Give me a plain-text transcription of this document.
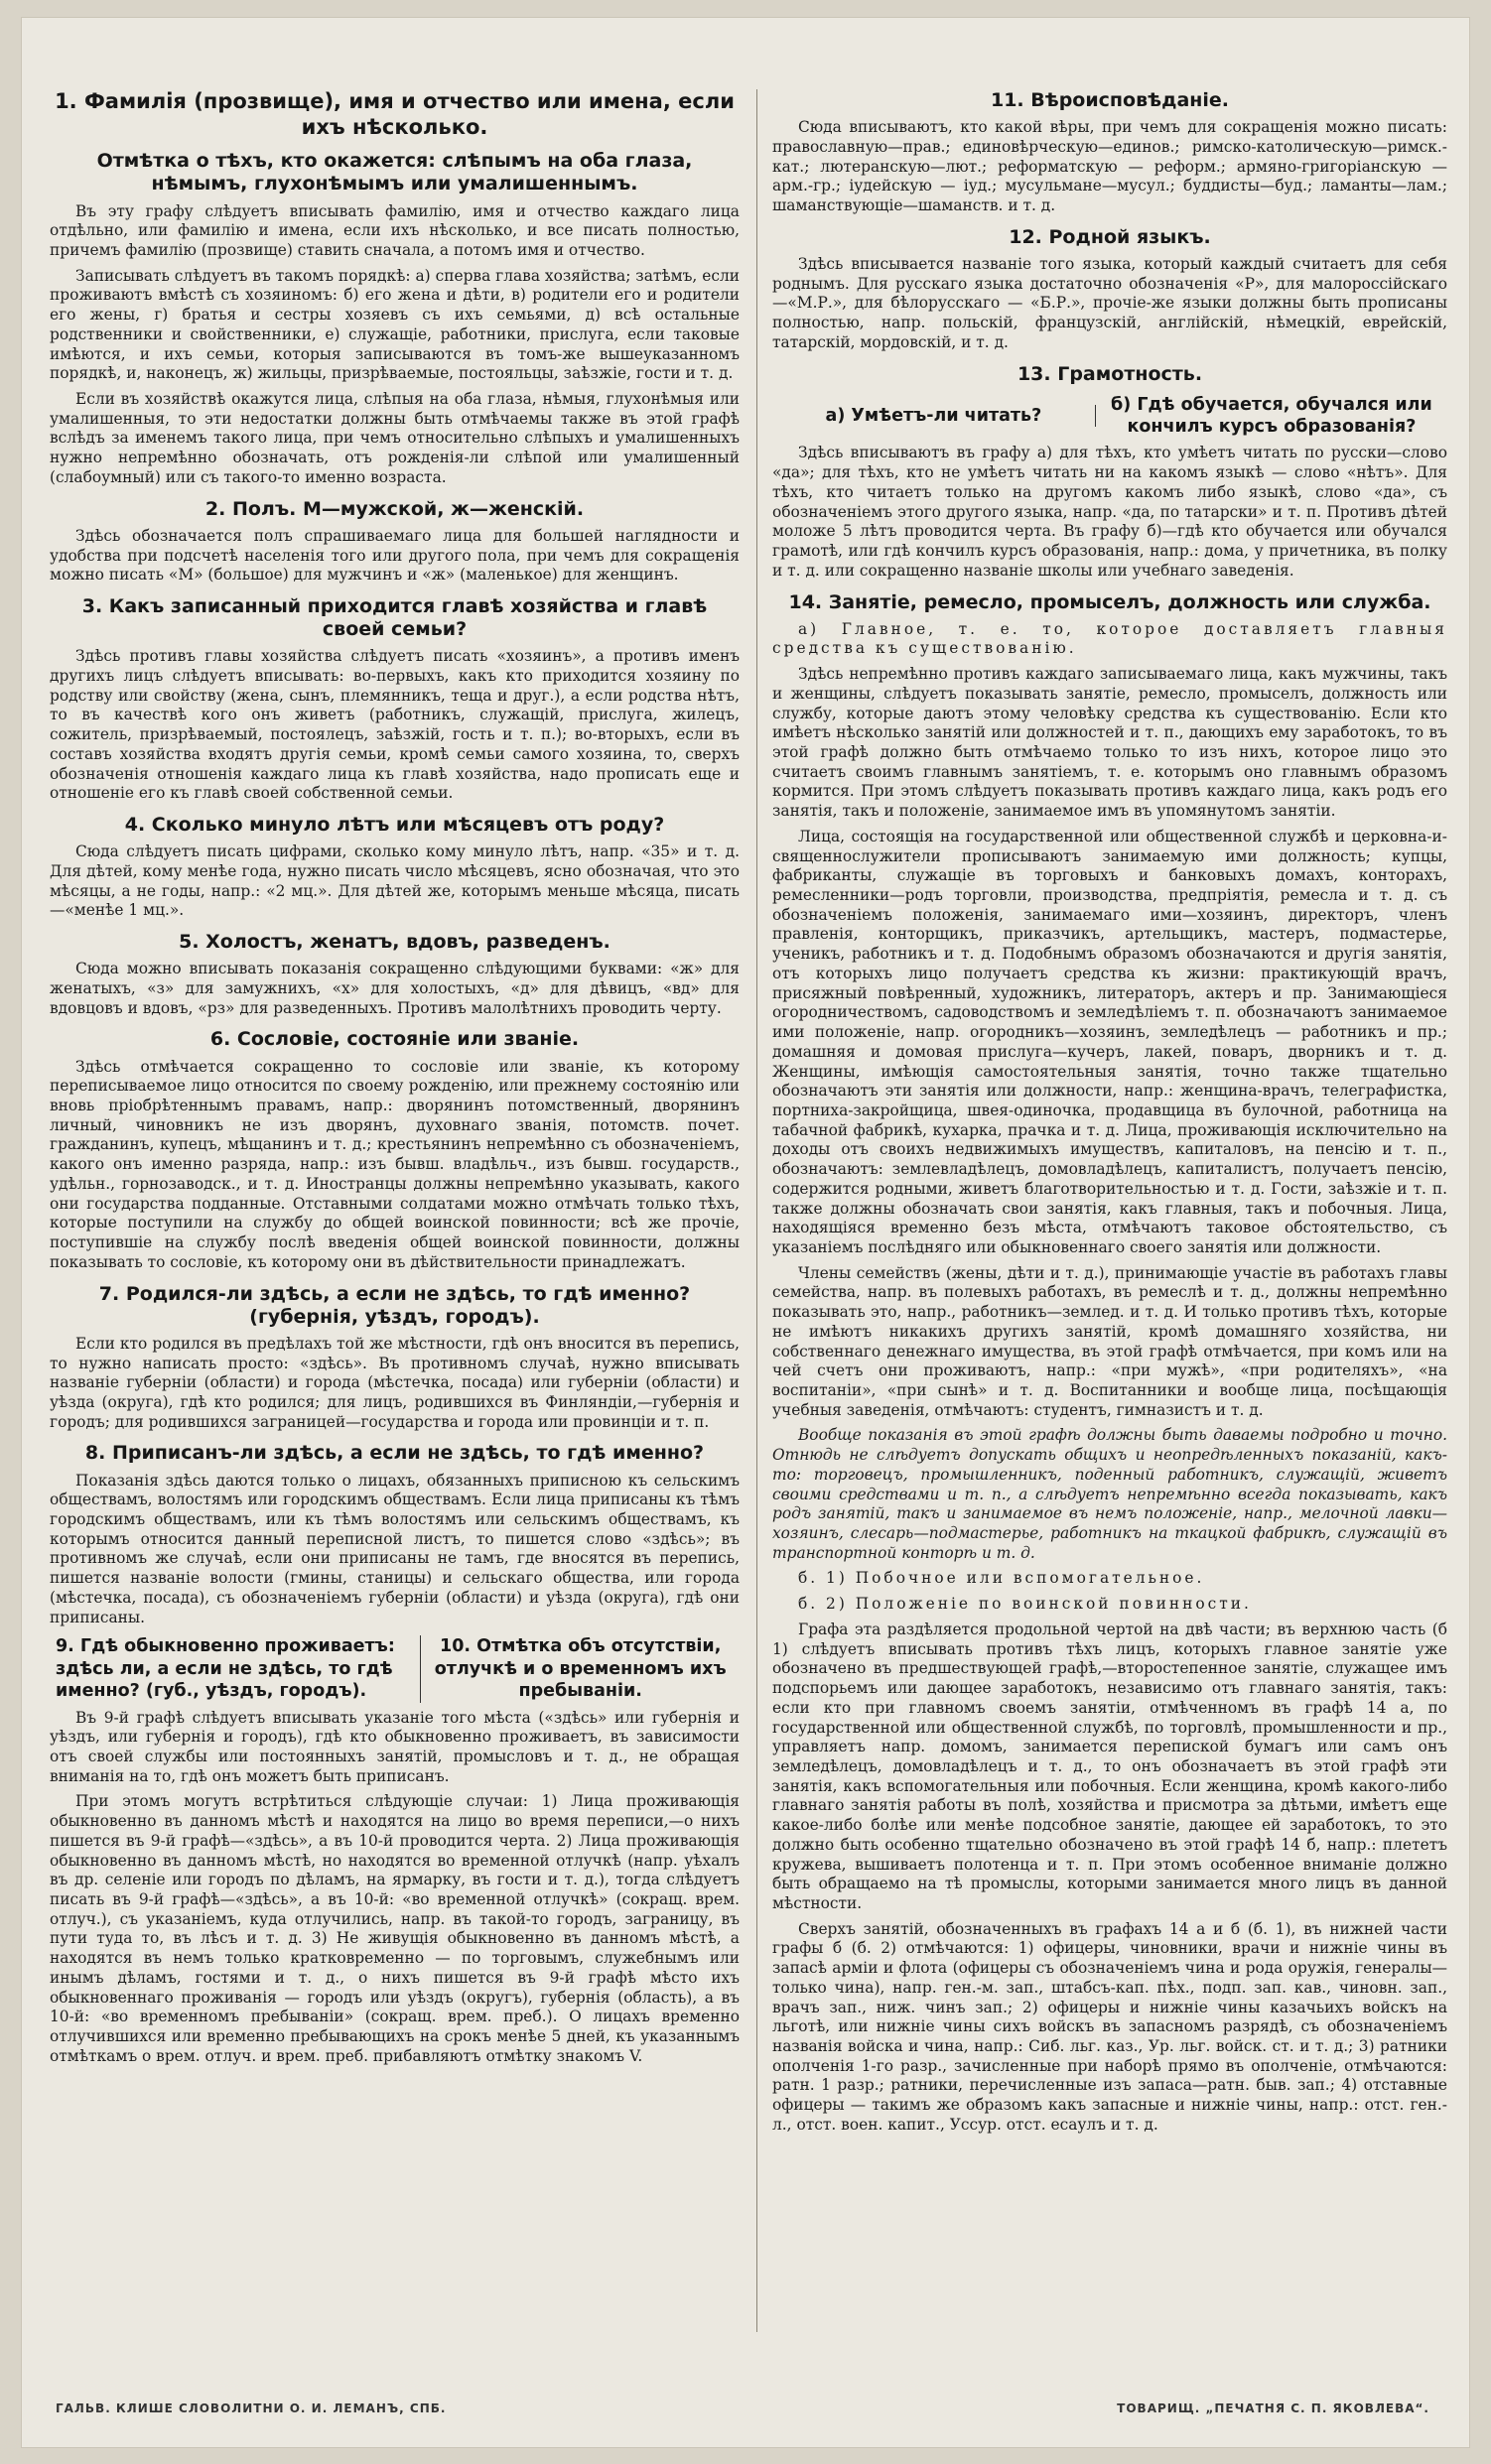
1. Фамилія (прозвище), имя и отчество или имена, если ихъ нѣсколько.
Отмѣтка о тѣхъ, кто окажется: слѣпымъ на оба глаза, нѣмымъ, глухонѣмымъ или умалишеннымъ.

Въ эту графу слѣдуетъ вписывать фамилію, имя и отчество каждаго лица отдѣльно, или фамилію и имена, если ихъ нѣсколько, и все писать полностью, причемъ фамилію (прозвище) ставить сначала, а потомъ имя и отчество.

Записывать слѣдуетъ въ такомъ порядкѣ: а) сперва глава хозяйства; затѣмъ, если проживаютъ вмѣстѣ съ хозяиномъ: б) его жена и дѣти, в) родители его и родители его жены, г) братья и сестры хозяевъ съ ихъ семьями, д) всѣ остальные родственники и свойственники, е) служащіе, работники, прислуга, если таковые имѣются, и ихъ семьи, которыя записываются въ томъ-же вышеуказанномъ порядкѣ, и, наконецъ, ж) жильцы, призрѣваемые, постояльцы, заѣзжіе, гости и т. д.

Если въ хозяйствѣ окажутся лица, слѣпыя на оба глаза, нѣмыя, глухонѣмыя или умалишенныя, то эти недостатки должны быть отмѣчаемы также въ этой графѣ вслѣдъ за именемъ такого лица, при чемъ относительно слѣпыхъ и умалишенныхъ нужно непремѣнно обозначать, отъ рожденія-ли слѣпой или умалишенный (слабоумный) или съ такого-то именно возраста.

2. Полъ. М—мужской, ж—женскій.

Здѣсь обозначается полъ спрашиваемаго лица для большей наглядности и удобства при подсчетѣ населенія того или другого пола, при чемъ для сокращенія можно писать «М» (большое) для мужчинъ и «ж» (маленькое) для женщинъ.

3. Какъ записанный приходится главѣ хозяйства и главѣ своей семьи?

Здѣсь противъ главы хозяйства слѣдуетъ писать «хозяинъ», а противъ именъ другихъ лицъ слѣдуетъ вписывать: во-первыхъ, какъ кто приходится хозяину по родству или свойству (жена, сынъ, племянникъ, теща и друг.), а если родства нѣтъ, то въ качествѣ кого онъ живетъ (работникъ, служащій, прислуга, жилецъ, сожитель, призрѣваемый, постоялецъ, заѣзжій, гость и т. п.); во-вторыхъ, если въ составъ хозяйства входятъ другія семьи, кромѣ семьи самого хозяина, то, сверхъ обозначенія отношенія каждаго лица къ главѣ хозяйства, надо прописать еще и отношеніе его къ главѣ своей собственной семьи.

4. Сколько минуло лѣтъ или мѣсяцевъ отъ роду?

Сюда слѣдуетъ писать цифрами, сколько кому минуло лѣтъ, напр. «35» и т. д. Для дѣтей, кому менѣе года, нужно писать число мѣсяцевъ, ясно обозначая, что это мѣсяцы, а не годы, напр.: «2 мц.». Для дѣтей же, которымъ меньше мѣсяца, писать—«менѣе 1 мц.».

5. Холостъ, женатъ, вдовъ, разведенъ.

Сюда можно вписывать показанія сокращенно слѣдующими буквами: «ж» для женатыхъ, «з» для замужнихъ, «х» для холостыхъ, «д» для дѣвицъ, «вд» для вдовцовъ и вдовъ, «рз» для разведенныхъ. Противъ малолѣтнихъ проводить черту.

6. Сословіе, состояніе или званіе.

Здѣсь отмѣчается сокращенно то сословіе или званіе, къ которому переписываемое лицо относится по своему рожденію, или прежнему состоянію или вновь пріобрѣтеннымъ правамъ, напр.: дворянинъ потомственный, дворянинъ личный, чиновникъ не изъ дворянъ, духовнаго званія, потомств. почет. гражданинъ, купецъ, мѣщанинъ и т. д.; крестьянинъ непремѣнно съ обозначеніемъ, какого онъ именно разряда, напр.: изъ бывш. владѣльч., изъ бывш. государств., удѣльн., горнозаводск., и т. д. Иностранцы должны непремѣнно указывать, какого они государства подданные. Отставными солдатами можно отмѣчать только тѣхъ, которые поступили на службу до общей воинской повинности; всѣ же прочіе, поступившіе на службу послѣ введенія общей воинской повинности, должны показывать то сословіе, къ которому они въ дѣйствительности принадлежатъ.

7. Родился-ли здѣсь, а если не здѣсь, то гдѣ именно? (губернія, уѣздъ, городъ).

Если кто родился въ предѣлахъ той же мѣстности, гдѣ онъ вносится въ перепись, то нужно написать просто: «здѣсь». Въ противномъ случаѣ, нужно вписывать названіе губерніи (области) и города (мѣстечка, посада) или губерніи (области) и уѣзда (округа), гдѣ кто родился; для лицъ, родившихся въ Финляндіи,—губернія и городъ; для родившихся заграницей—государства и города или провинціи и т. п.

8. Приписанъ-ли здѣсь, а если не здѣсь, то гдѣ именно?

Показанія здѣсь даются только о лицахъ, обязанныхъ приписною къ сельскимъ обществамъ, волостямъ или городскимъ обществамъ. Если лица приписаны къ тѣмъ городскимъ обществамъ, или къ тѣмъ волостямъ или сельскимъ обществамъ, къ которымъ относится данный переписной листъ, то пишется слово «здѣсь»; въ противномъ же случаѣ, если они приписаны не тамъ, где вносятся въ перепись, пишется названіе волости (гмины, станицы) и сельскаго общества, или города (мѣстечка, посада), съ обозначеніемъ губерніи (области) и уѣзда (округа), гдѣ они приписаны.

9. Гдѣ обыкновенно проживаетъ: здѣсь ли, а если не здѣсь, то гдѣ именно? (губ., уѣздъ, городъ).
10. Отмѣтка объ отсутствіи, отлучкѣ и о временномъ ихъ пребываніи.

Въ 9-й графѣ слѣдуетъ вписывать указаніе того мѣста («здѣсь» или губернія и уѣздъ, или губернія и городъ), гдѣ кто обыкновенно проживаетъ, въ зависимости отъ своей службы или постоянныхъ занятій, промысловъ и т. д., не обращая вниманія на то, гдѣ онъ можетъ быть приписанъ.

При этомъ могутъ встрѣтиться слѣдующіе случаи: 1) Лица проживающія обыкновенно въ данномъ мѣстѣ и находятся на лицо во время переписи,—о нихъ пишется въ 9-й графѣ—«здѣсь», а въ 10-й проводится черта. 2) Лица проживающія обыкновенно въ данномъ мѣстѣ, но находятся во временной отлучкѣ (напр. уѣхалъ въ др. селеніе или городъ по дѣламъ, на ярмарку, въ гости и т. д.), тогда слѣдуетъ писать въ 9-й графѣ—«здѣсь», а въ 10-й: «во временной отлучкѣ» (сокращ. врем. отлуч.), съ указаніемъ, куда отлучились, напр. въ такой-то городъ, заграницу, въ пути туда то, въ лѣсъ и т. д. 3) Не живущія обыкновенно въ данномъ мѣстѣ, а находятся въ немъ только кратковременно — по торговымъ, служебнымъ или инымъ дѣламъ, гостями и т. д., о нихъ пишется въ 9-й графѣ мѣсто ихъ обыкновеннаго проживанія — городъ или уѣздъ (округъ), губернія (область), а въ 10-й: «во временномъ пребываніи» (сокращ. врем. преб.). О лицахъ временно отлучившихся или временно пребывающихъ на срокъ менѣе 5 дней, къ указаннымъ отмѣткамъ о врем. отлуч. и врем. преб. прибавляютъ отмѣтку знакомъ V.

11. Вѣроисповѣданіе.

Сюда вписываютъ, кто какой вѣры, при чемъ для сокращенія можно писать: православную—прав.; единовѣрческую—единов.; римско-католическую—римск.-кат.; лютеранскую—лют.; реформатскую — реформ.; армяно-григоріанскую — арм.-гр.; іудейскую — іуд.; мусульмане—мусул.; буддисты—буд.; ламанты—лам.; шаманствующіе—шаманств. и т. д.

12. Родной языкъ.

Здѣсь вписывается названіе того языка, который каждый считаетъ для себя роднымъ. Для русскаго языка достаточно обозначенія «Р», для малороссійскаго—«М.Р.», для бѣлорусскаго — «Б.Р.», прочіе-же языки должны быть прописаны полностью, напр. польскій, французскій, англійскій, нѣмецкій, еврейскій, татарскій, мордовскій, и т. д.

13. Грамотность.
а) Умѣетъ-ли читать?
б) Гдѣ обучается, обучался или кончилъ курсъ образованія?

Здѣсь вписываютъ въ графу а) для тѣхъ, кто умѣетъ читать по русски—слово «да»; для тѣхъ, кто не умѣетъ читать ни на какомъ языкѣ — слово «нѣтъ». Для тѣхъ, кто читаетъ только на другомъ какомъ либо языкѣ, слово «да», съ обозначеніемъ этого другого языка, напр. «да, по татарски» и т. п. Противъ дѣтей моложе 5 лѣтъ проводится черта. Въ графу б)—гдѣ кто обучается или обучался грамотѣ, или гдѣ кончилъ курсъ образованія, напр.: дома, у причетника, въ полку и т. д. или сокращенно названіе школы или учебнаго заведенія.

14. Занятіе, ремесло, промыселъ, должность или служба.

а) Главное, т. е. то, которое доставляетъ главныя средства къ существованію.

Здѣсь непремѣнно противъ каждаго записываемаго лица, какъ мужчины, такъ и женщины, слѣдуетъ показывать занятіе, ремесло, промыселъ, должность или службу, которые даютъ этому человѣку средства къ существованію. Если кто имѣетъ нѣсколько занятій или должностей и т. п., дающихъ ему заработокъ, то въ этой графѣ должно быть отмѣчаемо только то изъ нихъ, которое лицо это считаетъ своимъ главнымъ занятіемъ, т. е. которымъ оно главнымъ образомъ кормится. При этомъ слѣдуетъ показывать противъ каждаго лица, какъ родъ его занятія, такъ и положеніе, занимаемое имъ въ упомянутомъ занятіи.

Лица, состоящія на государственной или общественной службѣ и церковна-и-священнослужители прописываютъ занимаемую ими должность; купцы, фабриканты, служащіе въ торговыхъ и банковыхъ домахъ, конторахъ, ремесленники—родъ торговли, производства, предпріятія, ремесла и т. д. съ обозначеніемъ положенія, занимаемаго ими—хозяинъ, директоръ, членъ правленія, конторщикъ, приказчикъ, артельщикъ, мастеръ, подмастерье, ученикъ, работникъ и т. д. Подобнымъ образомъ обозначаются и другія занятія, отъ которыхъ лицо получаетъ средства къ жизни: практикующій врачъ, присяжный повѣренный, художникъ, литераторъ, актеръ и пр. Занимающіеся огородничествомъ, садоводствомъ и земледѣліемъ т. п. обозначаютъ занимаемое ими положеніе, напр. огородникъ—хозяинъ, земледѣлецъ — работникъ и пр.; домашняя и домовая прислуга—кучеръ, лакей, поваръ, дворникъ и т. д. Женщины, имѣющія самостоятельныя занятія, точно также тщательно обозначаютъ эти занятія или должности, напр.: женщина-врачъ, телеграфистка, портниха-закройщица, швея-одиночка, продавщица въ булочной, работница на табачной фабрикѣ, кухарка, прачка и т. д. Лица, проживающія исключительно на доходы отъ своихъ недвижимыхъ имуществъ, капиталовъ, на пенсію и т. п., обозначаютъ: землевладѣлецъ, домовладѣлецъ, капиталистъ, получаетъ пенсію, содержится родными, живетъ благотворительностью и т. д. Гости, заѣзжіе и т. п. также должны обозначать свои занятія, какъ главныя, такъ и побочныя. Лица, находящіяся временно безъ мѣста, отмѣчаютъ таковое обстоятельство, съ указаніемъ послѣдняго или обыкновеннаго своего занятія или должности.

Члены семействъ (жены, дѣти и т. д.), принимающіе участіе въ работахъ главы семейства, напр. въ полевыхъ работахъ, въ ремеслѣ и т. д., должны непремѣнно показывать это, напр., работникъ—землед. и т. д. И только противъ тѣхъ, которые не имѣютъ никакихъ другихъ занятій, кромѣ домашняго хозяйства, ни собственнаго денежнаго имущества, въ этой графѣ отмѣчается, при комъ или на чей счетъ они проживаютъ, напр.: «при мужѣ», «при родителяхъ», «на воспитаніи», «при сынѣ» и т. д. Воспитанники и вообще лица, посѣщающія учебныя заведенія, отмѣчаютъ: студентъ, гимназистъ и т. д.

Вообще показанія въ этой графѣ должны быть даваемы подробно и точно. Отнюдь не слѣдуетъ допускать общихъ и неопредѣленныхъ показаній, какъ-то: торговецъ, промышленникъ, поденный работникъ, служащій, живетъ своими средствами и т. п., а слѣдуетъ непремѣнно всегда показывать, какъ родъ занятій, такъ и занимаемое въ немъ положеніе, напр., мелочной лавки—хозяинъ, слесарь—подмастерье, работникъ на ткацкой фабрикѣ, служащій въ транспортной конторѣ и т. д.

б. 1) Побочное или вспомогательное.

б. 2) Положеніе по воинской повинности.

Графа эта раздѣляется продольной чертой на двѣ части; въ верхнюю часть (б 1) слѣдуетъ вписывать противъ тѣхъ лицъ, которыхъ главное занятіе уже обозначено въ предшествующей графѣ,—второстепенное занятіе, служащее имъ подспорьемъ или дающее заработокъ, независимо отъ главнаго занятія, такъ: если кто при главномъ своемъ занятіи, отмѣченномъ въ графѣ 14 а, по государственной или общественной службѣ, по торговлѣ, промышленности и пр., управляетъ напр. домомъ, занимается перепиской бумагъ или самъ онъ земледѣлецъ, домовладѣлецъ и т. д., то онъ обозначаетъ въ этой графѣ эти занятія, какъ вспомогательныя или побочныя. Если женщина, кромѣ какого-либо главнаго занятія работы въ полѣ, хозяйства и присмотра за дѣтьми, имѣетъ еще какое-либо болѣе или менѣе подсобное занятіе, дающее ей заработокъ, то это должно быть особенно тщательно обозначено въ этой графѣ 14 б, напр.: плететъ кружева, вышиваетъ полотенца и т. п. При этомъ особенное вниманіе должно быть обращаемо на тѣ промыслы, которыми занимается много лицъ въ данной мѣстности.

Сверхъ занятій, обозначенныхъ въ графахъ 14 а и б (б. 1), въ нижней части графы б (б. 2) отмѣчаются: 1) офицеры, чиновники, врачи и нижніе чины въ запасѣ арміи и флота (офицеры съ обозначеніемъ чина и рода оружія, генералы—только чина), напр. ген.-м. зап., штабсъ-кап. пѣх., подп. зап. кав., чиновн. зап., врачъ зап., ниж. чинъ зап.; 2) офицеры и нижніе чины казачьихъ войскъ на льготѣ, или нижніе чины сихъ войскъ въ запасномъ разрядѣ, съ обозначеніемъ названія войска и чина, напр.: Сиб. льг. каз., Ур. льг. войск. ст. и т. д.; 3) ратники ополченія 1-го разр., зачисленные при наборѣ прямо въ ополченіе, отмѣчаются: ратн. 1 разр.; ратники, перечисленные изъ запаса—ратн. быв. зап.; 4) отставные офицеры — такимъ же образомъ какъ запасные и нижніе чины, напр.: отст. ген.-л., отст. воен. капит., Уссур. отст. есаулъ и т. д.

ГАЛЬВ. КЛИШЕ СЛОВОЛИТНИ О. И. ЛЕМАНЪ, СПБ.	ТОВАРИЩ. „ПЕЧАТНЯ С. П. ЯКОВЛЕВА“.
